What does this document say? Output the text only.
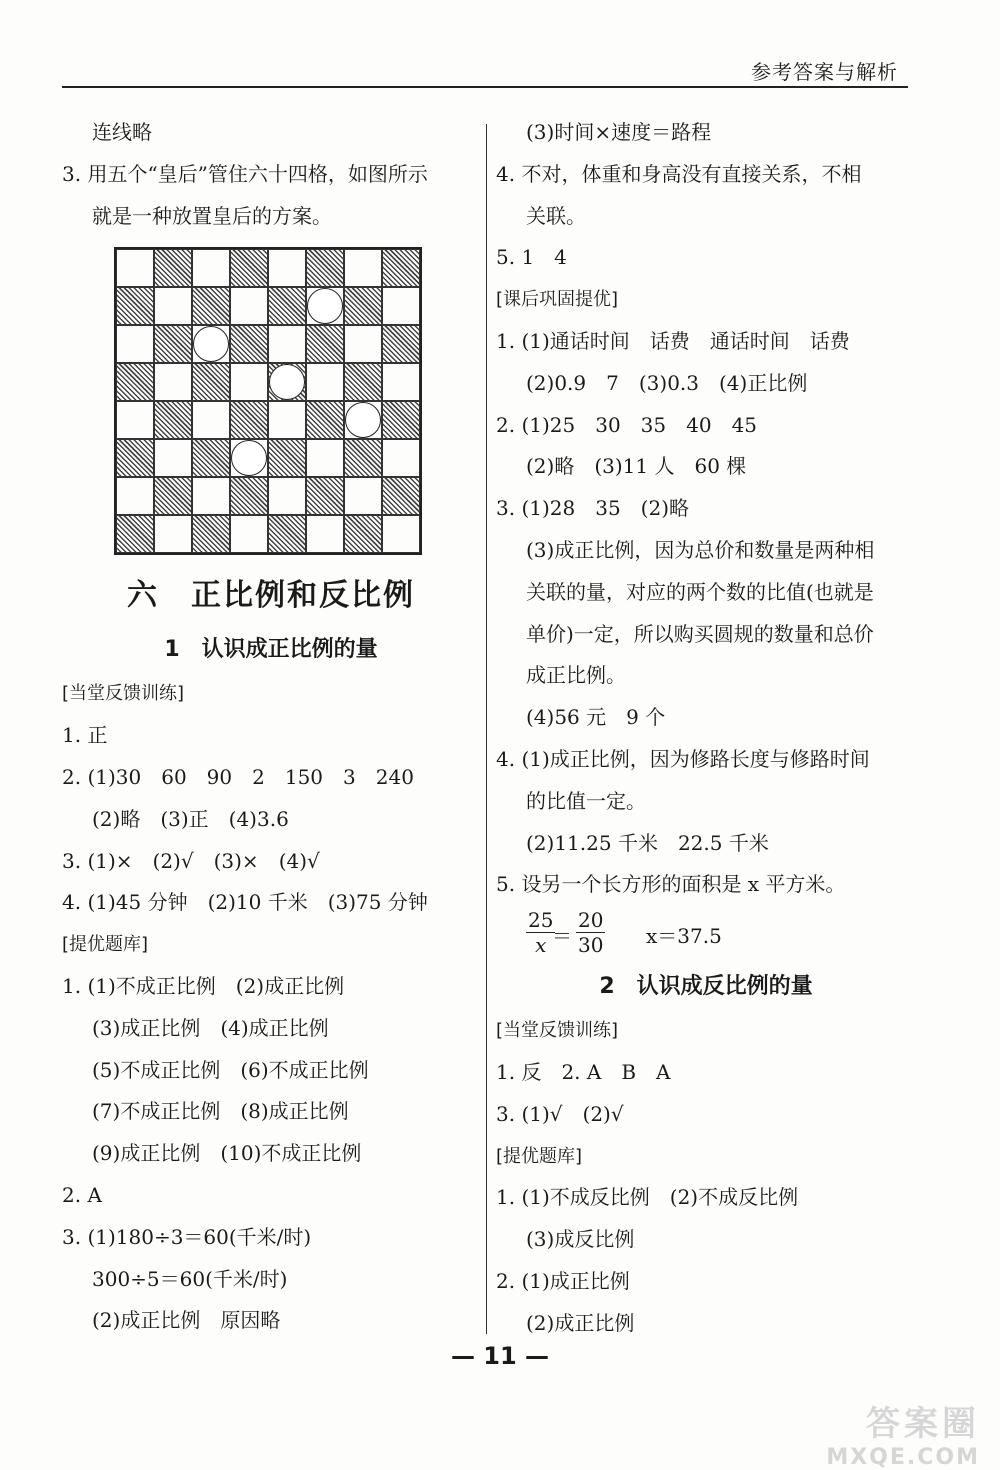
参考答案与解析
连线略
3. 用五个“皇后”管住六十四格，如图所示
就是一种放置皇后的方案。
六　正比例和反比例
1　认识成正比例的量
[当堂反馈训练]
1. 正
2. (1)30　60　90　2　150　3　240
(2)略　(3)正　(4)3.6
3. (1)×　(2)√　(3)×　(4)√
4. (1)45 分钟　(2)10 千米　(3)75 分钟
[提优题库]
1. (1)不成正比例　(2)成正比例
(3)成正比例　(4)成正比例
(5)不成正比例　(6)不成正比例
(7)不成正比例　(8)成正比例
(9)成正比例　(10)不成正比例
2. A
3. (1)180÷3＝60(千米/时)
300÷5＝60(千米/时)
(2)成正比例　原因略
(3)时间×速度＝路程
4. 不对，体重和身高没有直接关系，不相
关联。
5. 1　4
[课后巩固提优]
1. (1)通话时间　话费　通话时间　话费
(2)0.9　7　(3)0.3　(4)正比例
2. (1)25　30　35　40　45
(2)略　(3)11 人　60 棵
3. (1)28　35　(2)略
(3)成正比例，因为总价和数量是两种相
关联的量，对应的两个数的比值(也就是
单价)一定，所以购买圆规的数量和总价
成正比例。
(4)56 元　9 个
4. (1)成正比例，因为修路长度与修路时间
的比值一定。
(2)11.25 千米　22.5 千米
5. 设另一个长方形的面积是 x 平方米。
$\frac{25}{x}$
＝ $\frac{20}{30} x=37.5$
2　认识成反比例的量
[当堂反馈训练]
1. 反　2. A　B　A
3. (1)√　(2)√
[提优题库]
1. (1)不成反比例　(2)不成反比例
(3)成反比例
2. (1)成正比例
(2)成正比例
— 11 —
答案圈
MXQE.COM
